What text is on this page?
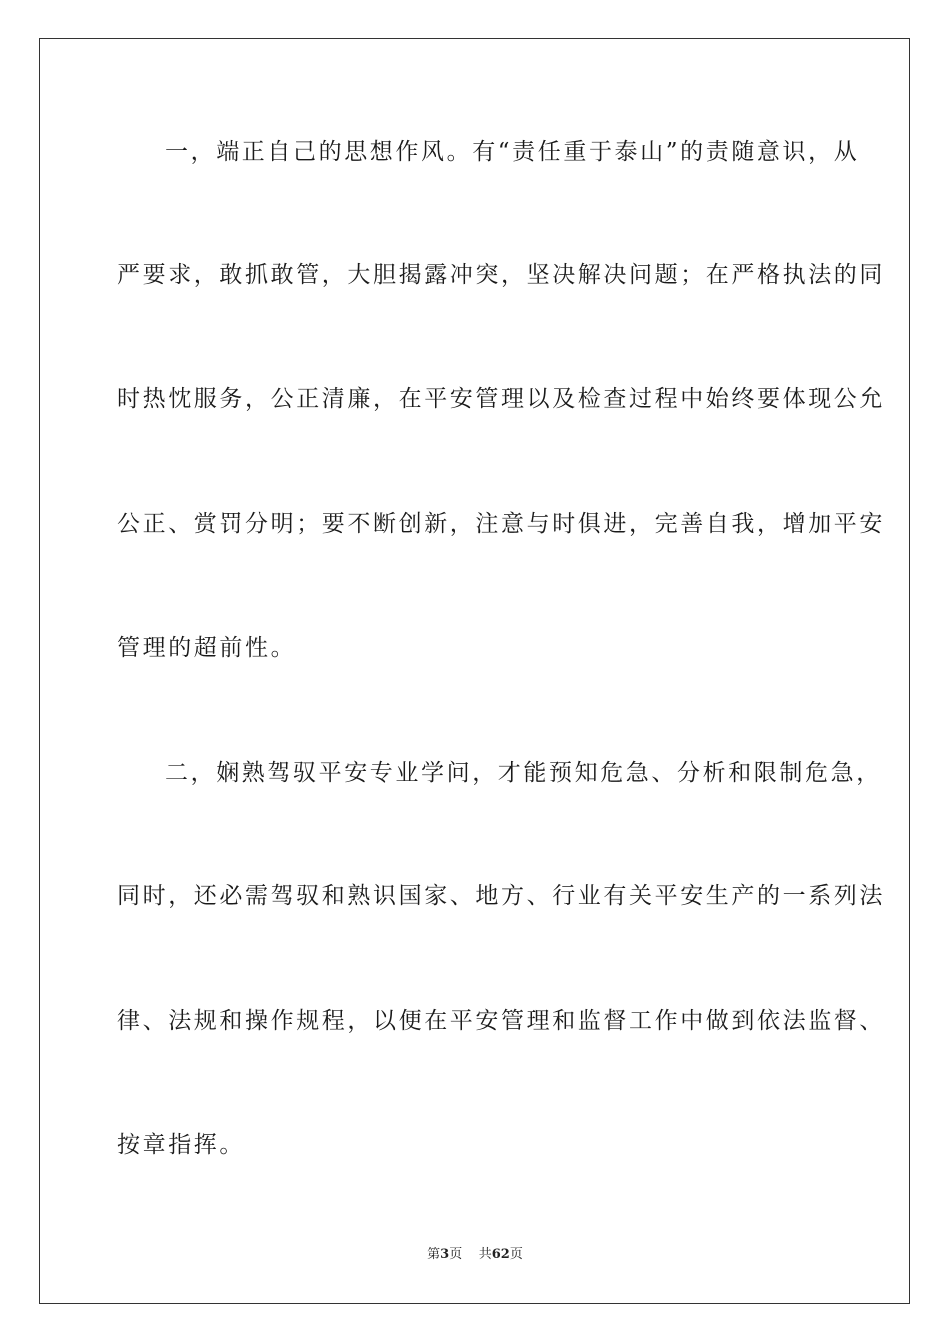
一，端正自己的思想作风。有“责任重于泰山”的责随意识，从
严要求，敢抓敢管，大胆揭露冲突，坚决解决问题；在严格执法的同
时热忱服务，公正清廉，在平安管理以及检查过程中始终要体现公允
公正、赏罚分明；要不断创新，注意与时俱进，完善自我，增加平安
管理的超前性。
二，娴熟驾驭平安专业学问，才能预知危急、分析和限制危急，
同时，还必需驾驭和熟识国家、地方、行业有关平安生产的一系列法
律、法规和操作规程，以便在平安管理和监督工作中做到依法监督、
按章指挥。
第3页 共62页
